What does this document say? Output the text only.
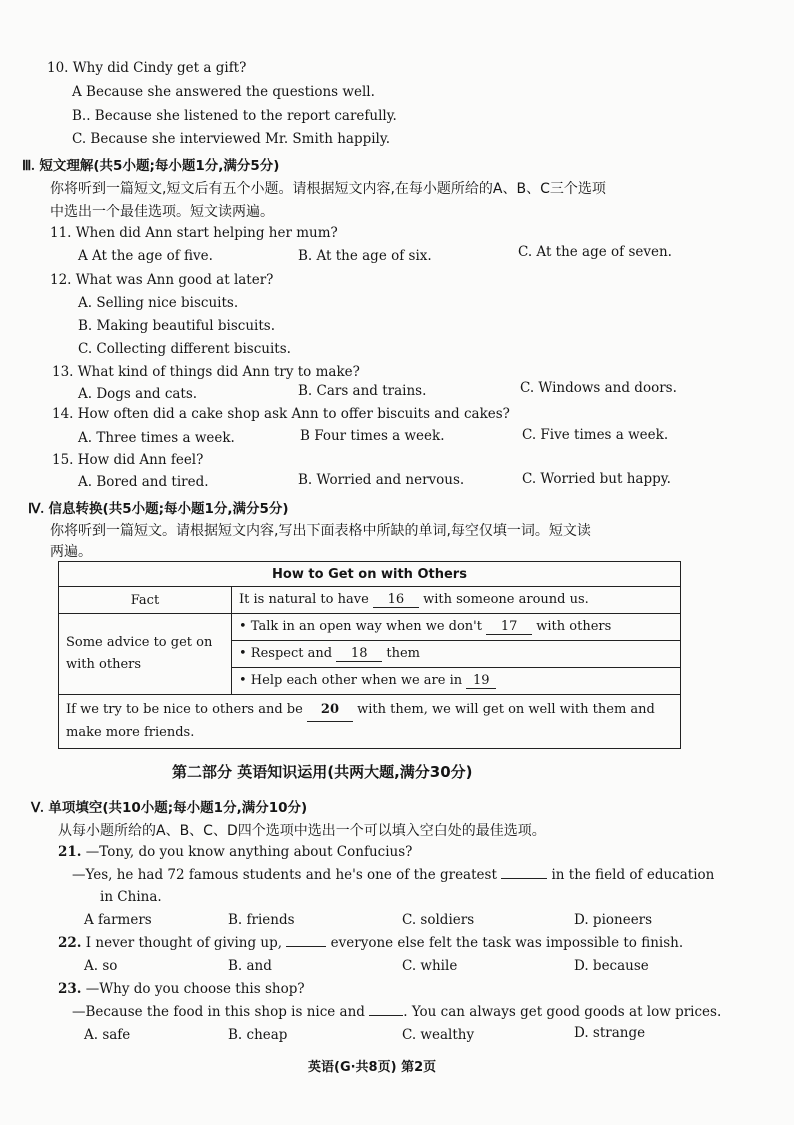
10. Why did Cindy get a gift?
A Because she answered the questions well.
B.. Because she listened to the report carefully.
C. Because she interviewed Mr. Smith happily.
Ⅲ. 短文理解(共5小题;每小题1分,满分5分)
你将听到一篇短文,短文后有五个小题。请根据短文内容,在每小题所给的A、B、C三个选项
中选出一个最佳选项。短文读两遍。
11. When did Ann start helping her mum?
A At the age of five.	B. At the age of six.	C. At the age of seven.
12. What was Ann good at later?
A. Selling nice biscuits.
B. Making beautiful biscuits.
C. Collecting different biscuits.
13. What kind of things did Ann try to make?
A. Dogs and cats.	B. Cars and trains.	C. Windows and doors.
14. How often did a cake shop ask Ann to offer biscuits and cakes?
A. Three times a week.	B Four times a week.	C. Five times a week.
15. How did Ann feel?
A. Bored and tired.	B. Worried and nervous.	C. Worried but happy.
Ⅳ. 信息转换(共5小题;每小题1分,满分5分)
你将听到一篇短文。请根据短文内容,写出下面表格中所缺的单词,每空仅填一词。短文读
两遍。
How to Get on with Others	
Fact	It is natural to have 16 with someone around us.
Some advice to get on with others	• Talk in an open way when we don't 17 with others
	• Respect and 18 them
	• Help each other when we are in 19
If we try to be nice to others and be 20 with them, we will get on well with them and make more friends.	
第二部分 英语知识运用(共两大题,满分30分)
Ⅴ. 单项填空(共10小题;每小题1分,满分10分)
从每小题所给的A、B、C、D四个选项中选出一个可以填入空白处的最佳选项。
21. —Tony, do you know anything about Confucius?
—Yes, he had 72 famous students and he's one of the greatest	in the field of education
in China.
A farmers	B. friends	C. soldiers	D. pioneers
22. I never thought of giving up,	everyone else felt the task was impossible to finish.
A. so	B. and	C. while	D. because
23. —Why do you choose this shop?
—Because the food in this shop is nice and	. You can always get good goods at low prices.
A. safe	B. cheap	C. wealthy	D. strange
英语(G·共8页) 第2页
